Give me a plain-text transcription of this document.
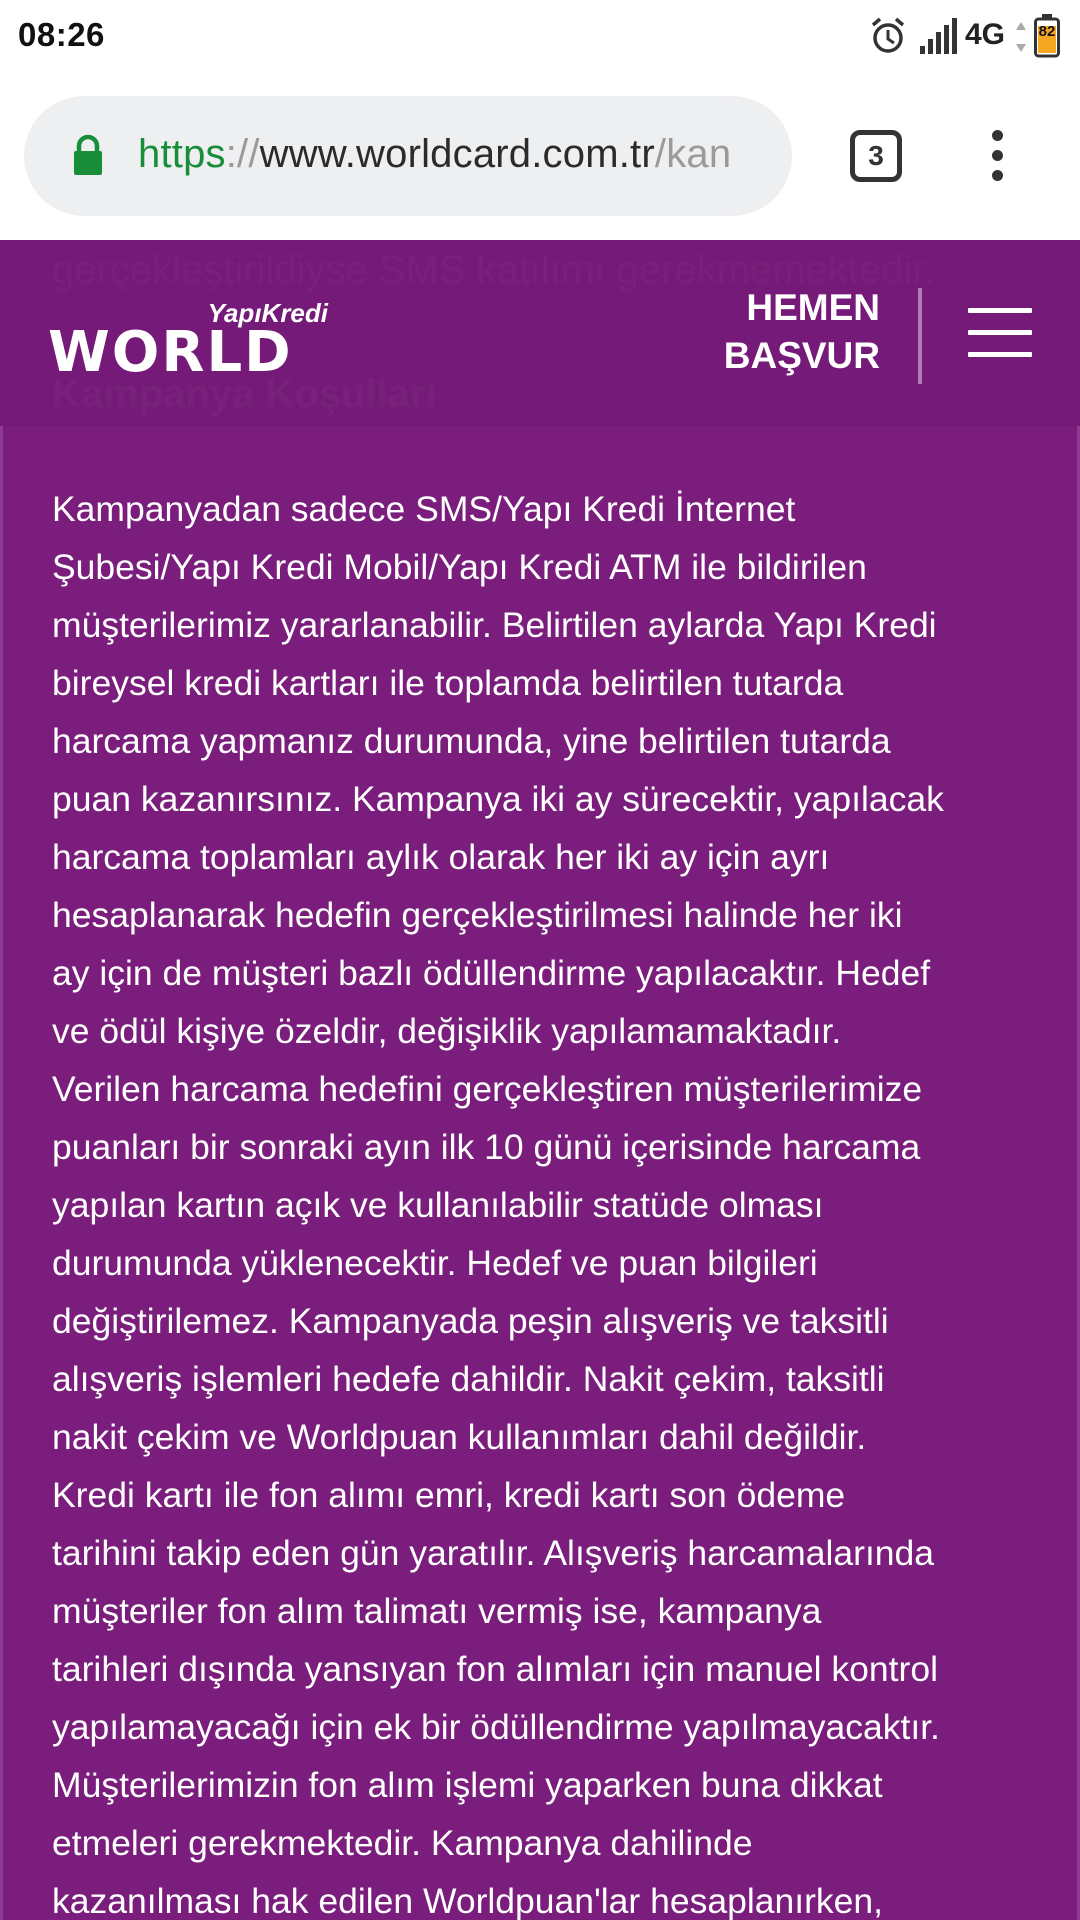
08:26	4G 82
https://www.worldcard.com.tr/kan	3
YapıKredi
WORLD
HEMEN
BAŞVUR
Kampanyadan sadece SMS/Yapı Kredi İnternet
Şubesi/Yapı Kredi Mobil/Yapı Kredi ATM ile bildirilen
müşterilerimiz yararlanabilir. Belirtilen aylarda Yapı Kredi
bireysel kredi kartları ile toplamda belirtilen tutarda
harcama yapmanız durumunda, yine belirtilen tutarda
puan kazanırsınız. Kampanya iki ay sürecektir, yapılacak
harcama toplamları aylık olarak her iki ay için ayrı
hesaplanarak hedefin gerçekleştirilmesi halinde her iki
ay için de müşteri bazlı ödüllendirme yapılacaktır. Hedef
ve ödül kişiye özeldir, değişiklik yapılamamaktadır.
Verilen harcama hedefini gerçekleştiren müşterilerimize
puanları bir sonraki ayın ilk 10 günü içerisinde harcama
yapılan kartın açık ve kullanılabilir statüde olması
durumunda yüklenecektir. Hedef ve puan bilgileri
değiştirilemez. Kampanyada peşin alışveriş ve taksitli
alışveriş işlemleri hedefe dahildir. Nakit çekim, taksitli
nakit çekim ve Worldpuan kullanımları dahil değildir.
Kredi kartı ile fon alımı emri, kredi kartı son ödeme
tarihini takip eden gün yaratılır. Alışveriş harcamalarında
müşteriler fon alım talimatı vermiş ise, kampanya
tarihleri dışında yansıyan fon alımları için manuel kontrol
yapılamayacağı için ek bir ödüllendirme yapılmayacaktır.
Müşterilerimizin fon alım işlemi yaparken buna dikkat
etmeleri gerekmektedir. Kampanya dahilinde
kazanılması hak edilen Worldpuan'lar hesaplanırken,
